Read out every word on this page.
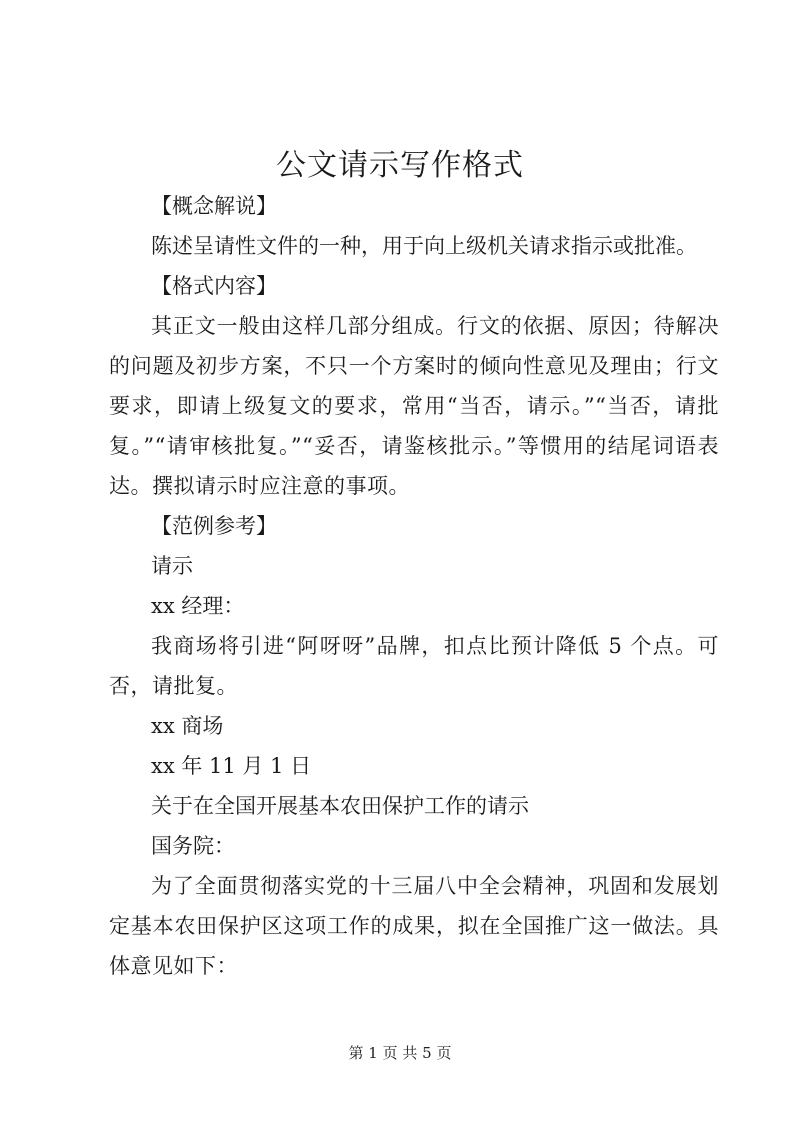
公文请示写作格式

【概念解说】

陈述呈请性文件的一种，用于向上级机关请求指示或批准。

【格式内容】

其正文一般由这样几部分组成。行文的依据、原因；待解决的问题及初步方案，不只一个方案时的倾向性意见及理由；行文要求，即请上级复文的要求，常用“当否，请示。”“当否，请批复。”“请审核批复。”“妥否，请鉴核批示。”等惯用的结尾词语表达。撰拟请示时应注意的事项。

【范例参考】

请示

xx 经理：

我商场将引进“阿呀呀”品牌，扣点比预计降低 5 个点。可否，请批复。

xx 商场

xx 年 11 月 1 日

关于在全国开展基本农田保护工作的请示

国务院：

为了全面贯彻落实党的十三届八中全会精神，巩固和发展划定基本农田保护区这项工作的成果，拟在全国推广这一做法。具体意见如下：

第 1 页 共 5 页
